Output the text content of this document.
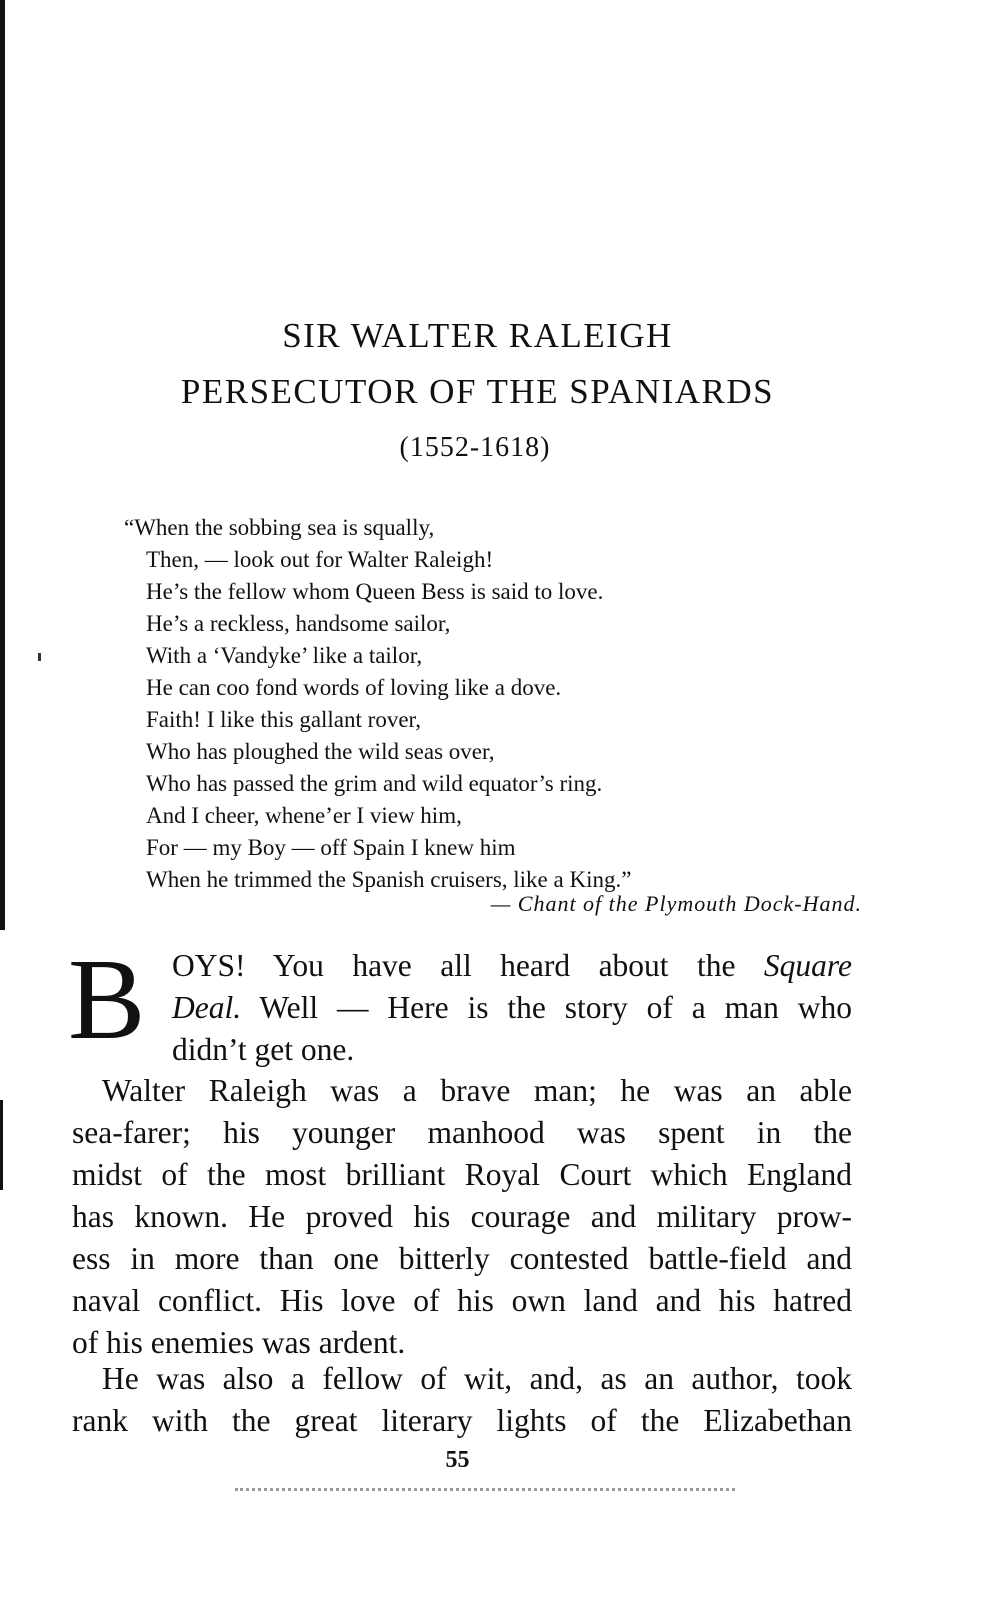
SIR WALTER RALEIGH
PERSECUTOR OF THE SPANIARDS
(1552-1618)
“When the sobbing sea is squally,
Then, — look out for Walter Raleigh!
He’s the fellow whom Queen Bess is said to love.
He’s a reckless, handsome sailor,
With a ‘Vandyke’ like a tailor,
He can coo fond words of loving like a dove.
Faith! I like this gallant rover,
Who has ploughed the wild seas over,
Who has passed the grim and wild equator’s ring.
And I cheer, whene’er I view him,
For — my Boy — off Spain I knew him
When he trimmed the Spanish cruisers, like a King.”
— Chant of the Plymouth Dock-Hand.
B OYS! You have all heard about the Square
Deal. Well — Here is the story of a man who
didn’t get one.
Walter Raleigh was a brave man; he was an able
sea-farer; his younger manhood was spent in the
midst of the most brilliant Royal Court which England
has known. He proved his courage and military prow-
ess in more than one bitterly contested battle-field and
naval conflict. His love of his own land and his hatred
of his enemies was ardent.
He was also a fellow of wit, and, as an author, took
rank with the great literary lights of the Elizabethan
55
